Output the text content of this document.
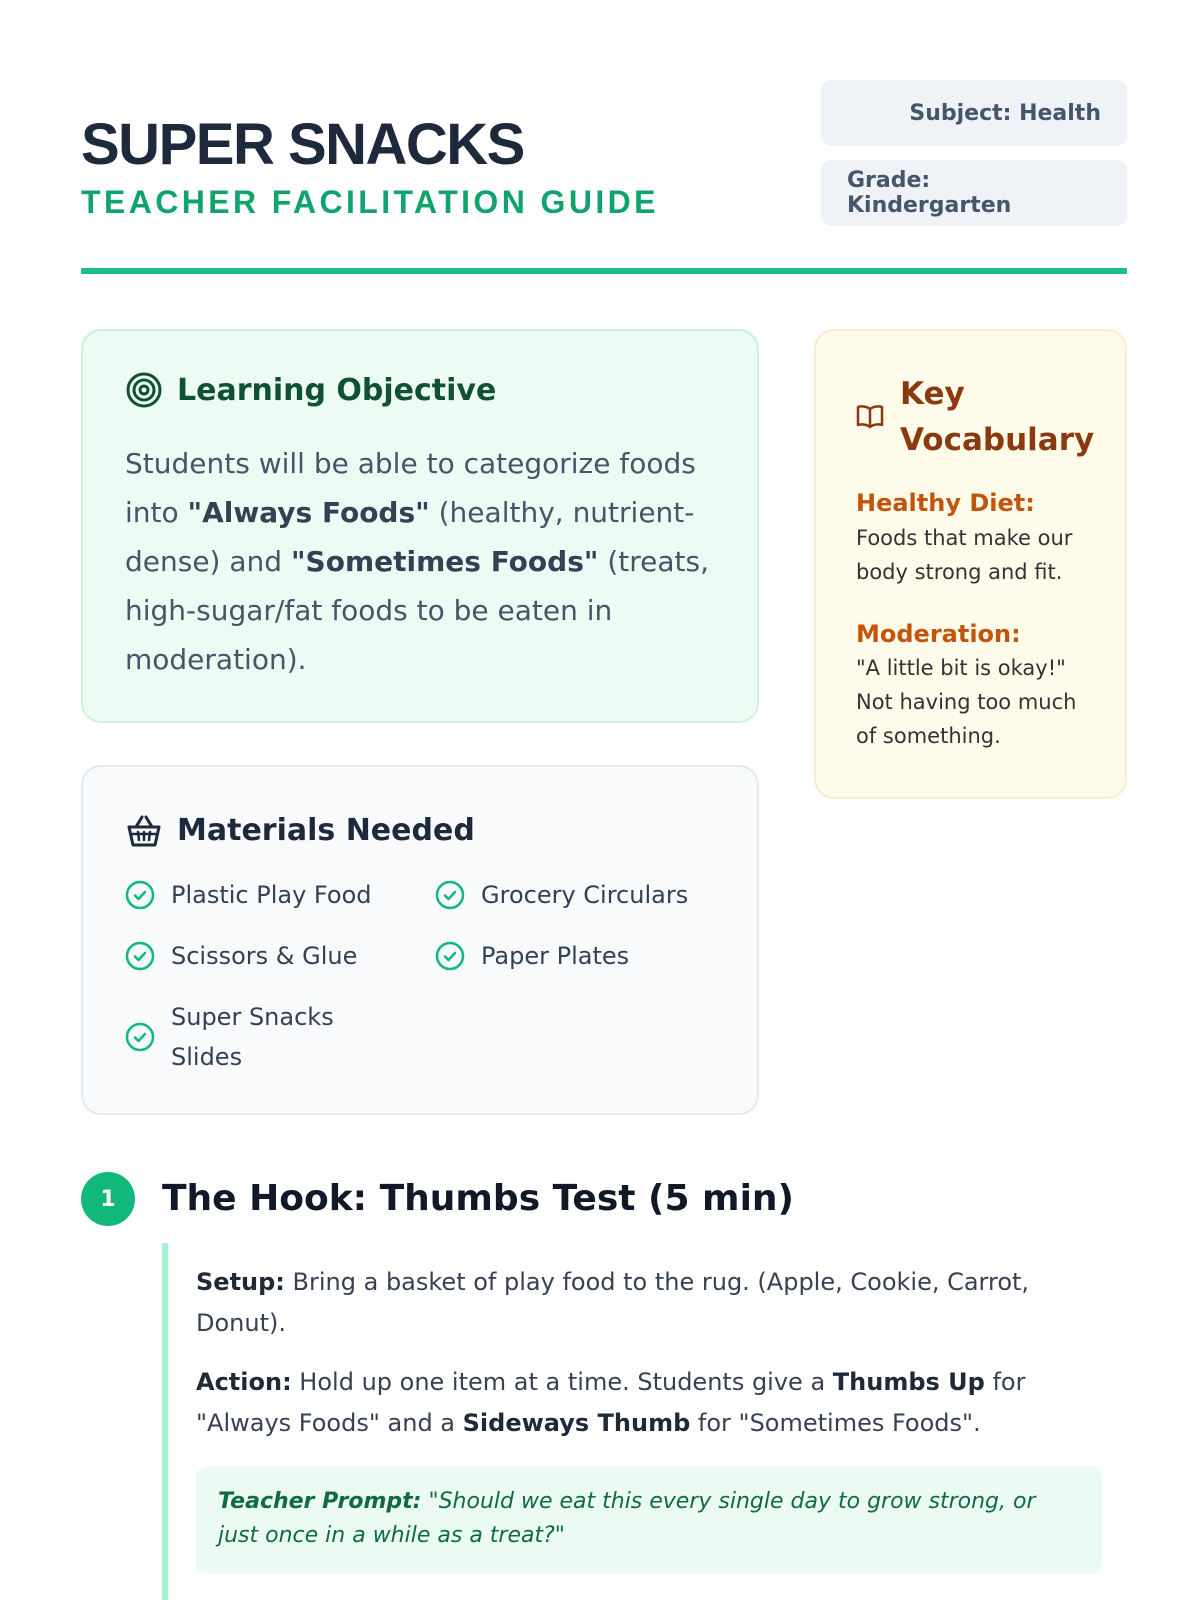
SUPER SNACKS
TEACHER FACILITATION GUIDE
Subject: Health
Grade: Kindergarten
Learning Objective

Students will be able to categorize foods into "Always Foods" (healthy, nutrient-dense) and "Sometimes Foods" (treats, high-sugar/fat foods to be eaten in moderation).

Materials Needed
Plastic Play Food	Grocery Circulars
Scissors & Glue	Paper Plates
Super Snacks Slides
Key Vocabulary
Healthy Diet:

Foods that make our body strong and fit.

Moderation:

"A little bit is okay!" Not having too much of something.

1	The Hook: Thumbs Test (5 min)

Setup: Bring a basket of play food to the rug. (Apple, Cookie, Carrot, Donut).

Action: Hold up one item at a time. Students give a Thumbs Up for "Always Foods" and a Sideways Thumb for "Sometimes Foods".

Teacher Prompt: "Should we eat this every single day to grow strong, or just once in a while as a treat?"
